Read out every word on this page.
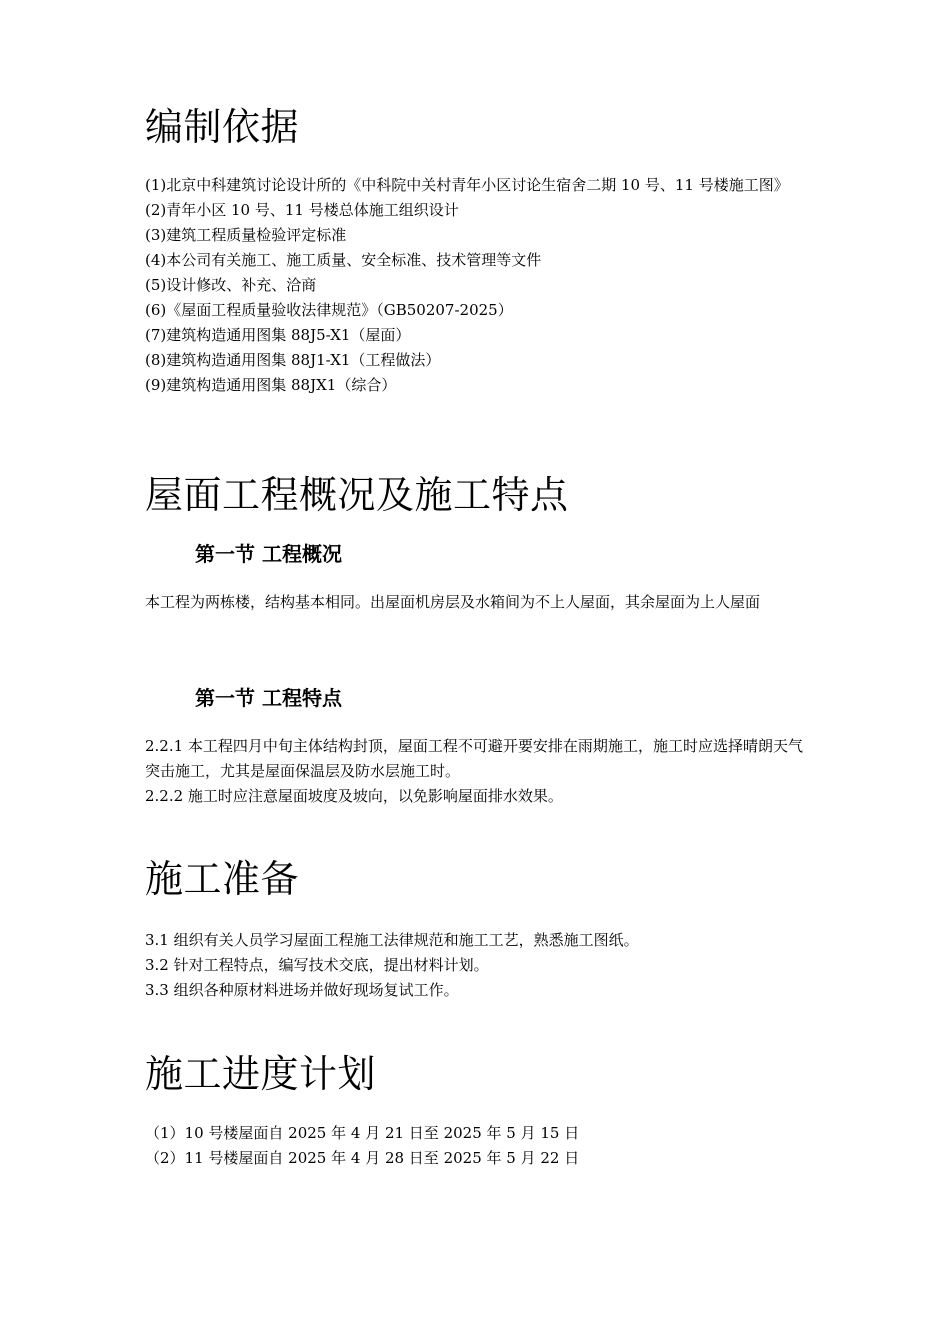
编制依据

(1)北京中科建筑讨论设计所的《中科院中关村青年小区讨论生宿舍二期 10 号、11 号楼施工图》

(2)青年小区 10 号、11 号楼总体施工组织设计

(3)建筑工程质量检验评定标准

(4)本公司有关施工、施工质量、安全标准、技术管理等文件

(5)设计修改、补充、洽商

(6)《屋面工程质量验收法律规范》（GB50207-2025）

(7)建筑构造通用图集 88J5-X1（屋面）

(8)建筑构造通用图集 88J1-X1（工程做法）

(9)建筑构造通用图集 88JX1（综合）

屋面工程概况及施工特点
第一节 工程概况

本工程为两栋楼，结构基本相同。出屋面机房层及水箱间为不上人屋面，其余屋面为上人屋面

第一节 工程特点

2.2.1 本工程四月中旬主体结构封顶，屋面工程不可避开要安排在雨期施工，施工时应选择晴朗天气突击施工，尤其是屋面保温层及防水层施工时。

2.2.2 施工时应注意屋面坡度及坡向，以免影响屋面排水效果。

施工准备

3.1 组织有关人员学习屋面工程施工法律规范和施工工艺，熟悉施工图纸。

3.2 针对工程特点，编写技术交底，提出材料计划。

3.3 组织各种原材料进场并做好现场复试工作。

施工进度计划

（1）10 号楼屋面自 2025 年 4 月 21 日至 2025 年 5 月 15 日

（2）11 号楼屋面自 2025 年 4 月 28 日至 2025 年 5 月 22 日
